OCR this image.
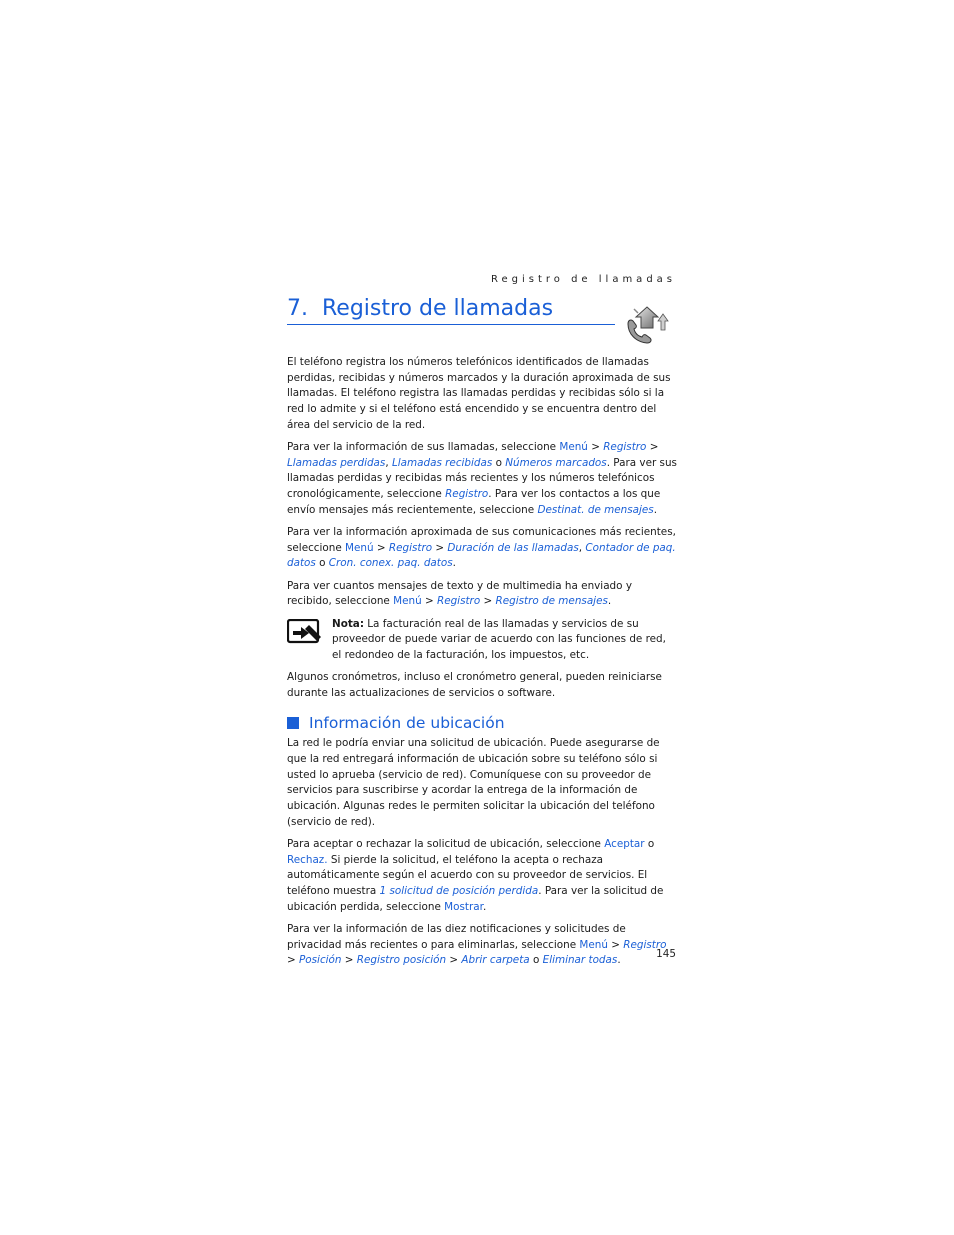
Registro de llamadas
7. Registro de llamadas

El teléfono registra los números telefónicos identificados de llamadas perdidas, recibidas y números marcados y la duración aproximada de sus llamadas. El teléfono registra las llamadas perdidas y recibidas sólo si la red lo admite y si el teléfono está encendido y se encuentra dentro del área del servicio de la red.

Para ver la información de sus llamadas, seleccione Menú > Registro > Llamadas perdidas, Llamadas recibidas o Números marcados. Para ver sus llamadas perdidas y recibidas más recientes y los números telefónicos cronológicamente, seleccione Registro. Para ver los contactos a los que envío mensajes más recientemente, seleccione Destinat. de mensajes.

Para ver la información aproximada de sus comunicaciones más recientes, seleccione Menú > Registro > Duración de las llamadas, Contador de paq. datos o Cron. conex. paq. datos.

Para ver cuantos mensajes de texto y de multimedia ha enviado y recibido, seleccione Menú > Registro > Registro de mensajes.

Nota: La facturación real de las llamadas y servicios de su proveedor de puede variar de acuerdo con las funciones de red, el redondeo de la facturación, los impuestos, etc.

Algunos cronómetros, incluso el cronómetro general, pueden reiniciarse durante las actualizaciones de servicios o software.

Información de ubicación

La red le podría enviar una solicitud de ubicación. Puede asegurarse de que la red entregará información de ubicación sobre su teléfono sólo si usted lo aprueba (servicio de red). Comuníquese con su proveedor de servicios para suscribirse y acordar la entrega de la información de ubicación. Algunas redes le permiten solicitar la ubicación del teléfono (servicio de red).

Para aceptar o rechazar la solicitud de ubicación, seleccione Aceptar o Rechaz. Si pierde la solicitud, el teléfono la acepta o rechaza automáticamente según el acuerdo con su proveedor de servicios. El teléfono muestra 1 solicitud de posición perdida. Para ver la solicitud de ubicación perdida, seleccione Mostrar.

Para ver la información de las diez notificaciones y solicitudes de privacidad más recientes o para eliminarlas, seleccione Menú > Registro > Posición > Registro posición > Abrir carpeta o Eliminar todas.

145
